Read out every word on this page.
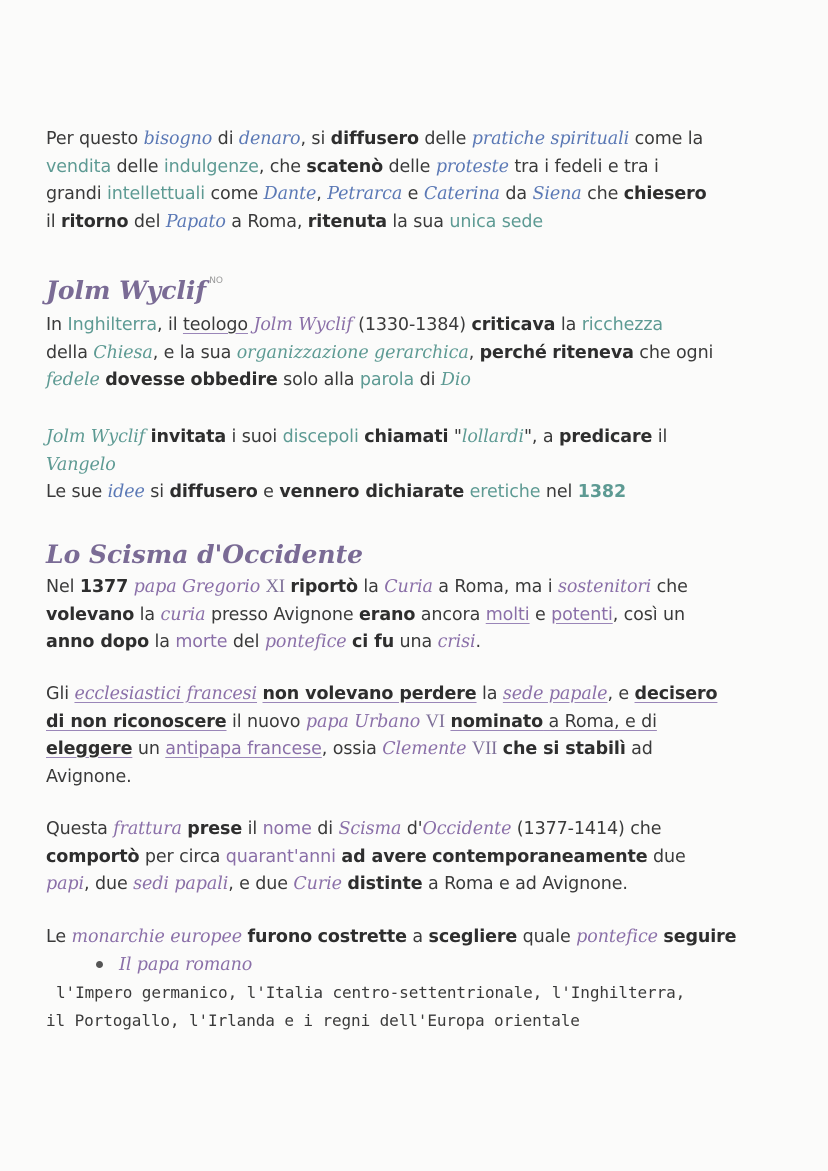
Per questo bisogno di denaro, si diffusero delle pratiche spirituali come la
vendita delle indulgenze, che scatenò delle proteste tra i fedeli e tra i
grandi intellettuali come Dante, Petrarca e Caterina da Siena che chiesero
il ritorno del Papato a Roma, ritenuta la sua unica sede
Jolm Wyclif $^{NO}$
In Inghilterra, il teologo Jolm Wyclif (1330-1384) criticava la ricchezza
della Chiesa, e la sua organizzazione gerarchica, perché riteneva che ogni
fedele dovesse obbedire solo alla parola di Dio
Jolm Wyclif invitata i suoi discepoli chiamati "lollardi", a predicare il
Vangelo
Le sue idee si diffusero e vennero dichiarate eretiche nel 1382
Lo Scisma d'Occidente
Nel 1377 papa Gregorio XI riportò la Curia a Roma, ma i sostenitori che
volevano la curia presso Avignone erano ancora molti e potenti, così un
anno dopo la morte del pontefice ci fu una crisi.
Gli ecclesiastici francesi non volevano perdere la sede papale, e decisero
di non riconoscere il nuovo papa Urbano VI nominato a Roma, e di
eleggere un antipapa francese, ossia Clemente VII che si stabilì ad
Avignone.
Questa frattura prese il nome di Scisma d'Occidente (1377-1414) che
comportò per circa quarant'anni ad avere contemporaneamente due
papi, due sedi papali, e due Curie distinte a Roma e ad Avignone.
Le monarchie europee furono costrette a scegliere quale pontefice seguire
Il papa romano
l'Impero germanico, l'Italia centro-settentrionale, l'Inghilterra,
il Portogallo, l'Irlanda e i regni dell'Europa orientale
